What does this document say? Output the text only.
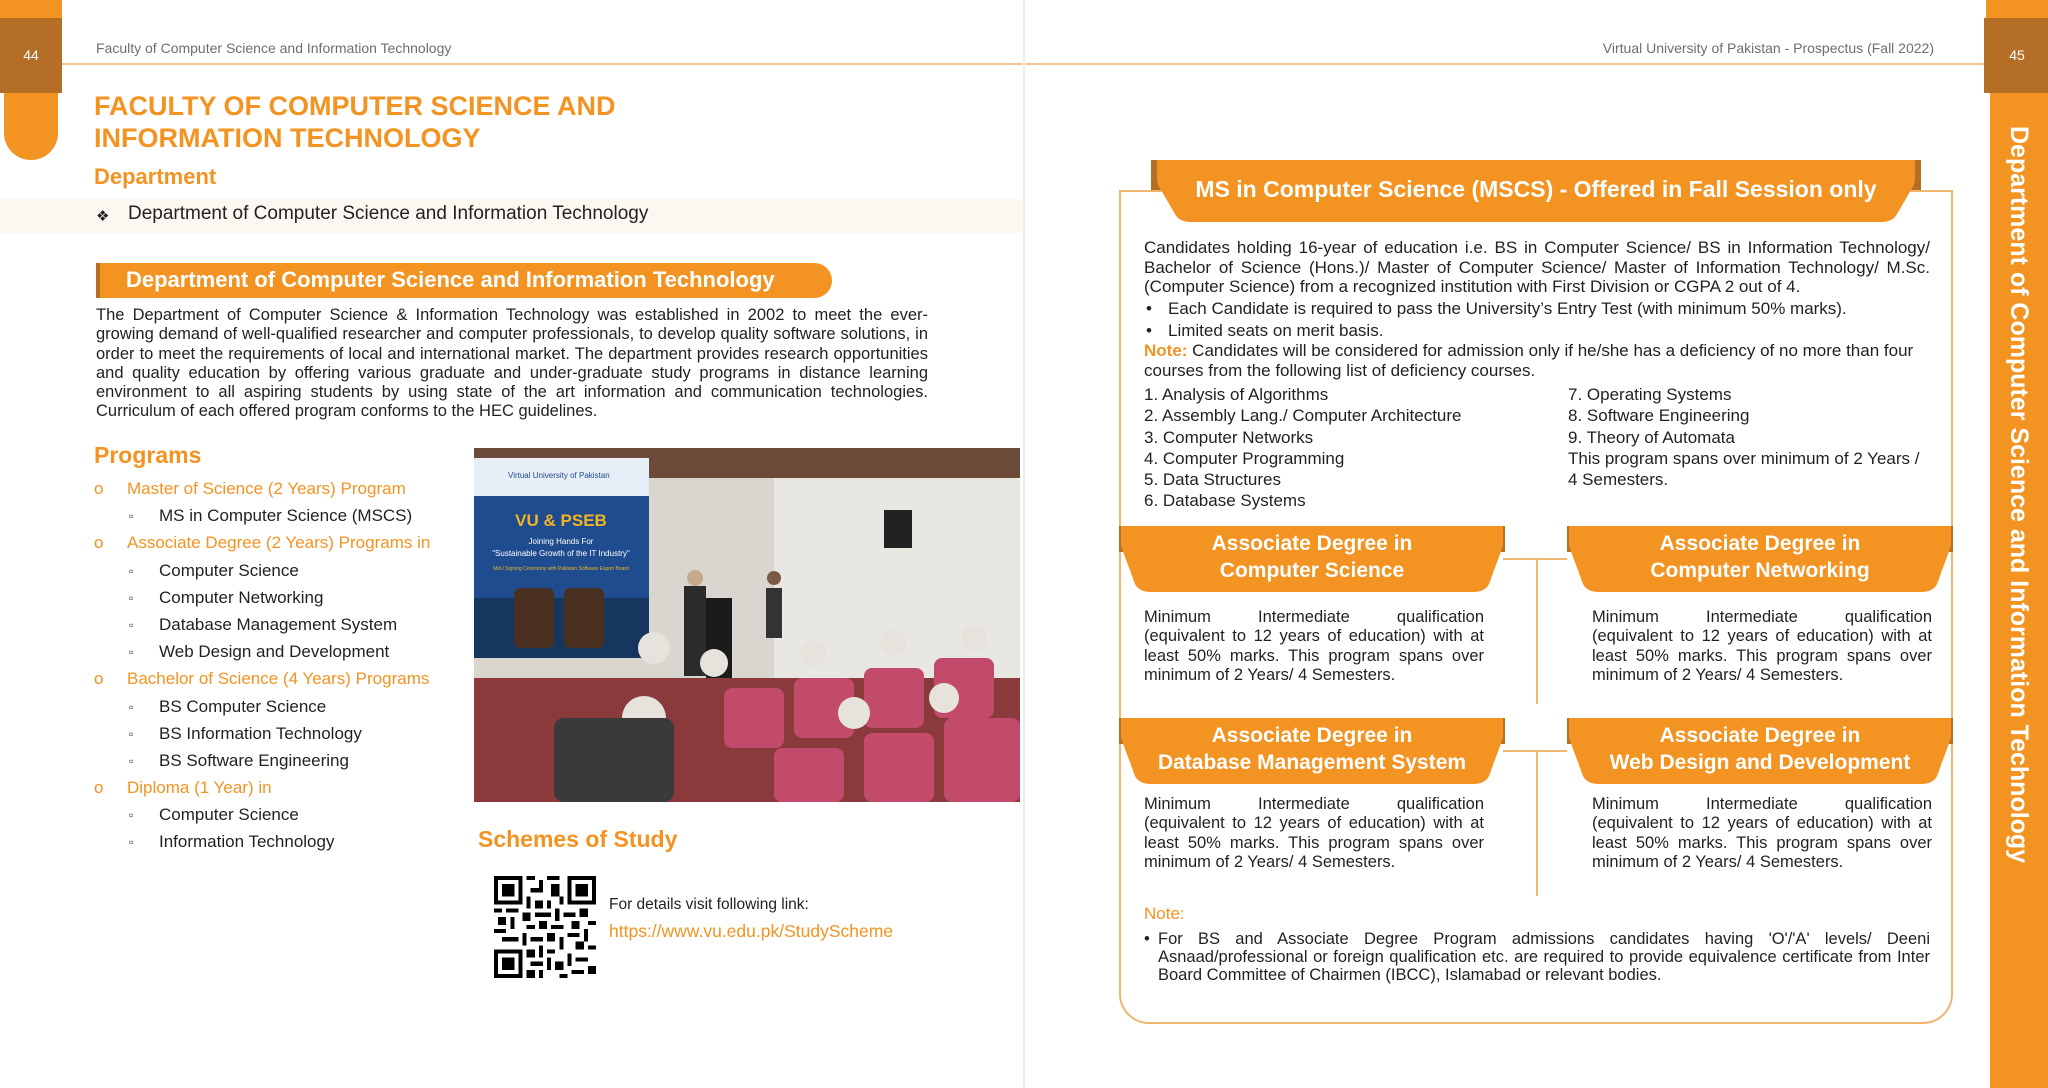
Faculty of Computer Science and Information Technology
44
FACULTY OF COMPUTER SCIENCE AND INFORMATION TECHNOLOGY
Department
❖ Department of Computer Science and Information Technology
Department of Computer Science and Information Technology
The Department of Computer Science & Information Technology was established in 2002 to meet the ever-growing demand of well-qualified researcher and computer professionals, to develop quality software solutions, in order to meet the requirements of local and international market. The department provides research opportunities and quality education by offering various graduate and under-graduate study programs in distance learning environment to all aspiring students by using state of the art information and communication technologies. Curriculum of each offered program conforms to the HEC guidelines.
Programs
o Master of Science (2 Years) Program
▫ MS in Computer Science (MSCS)
o Associate Degree (2 Years) Programs in
▫ Computer Science
▫ Computer Networking
▫ Database Management System
▫ Web Design and Development
o Bachelor of Science (4 Years) Programs
▫ BS Computer Science
▫ BS Information Technology
▫ BS Software Engineering
o Diploma (1 Year) in
▫ Computer Science
▫ Information Technology
Virtual University of Pakistan
VU & PSEB
Joining Hands For
"Sustainable Growth of the IT Industry"
MoU Signing Ceremony with Pakistan Software Export Board
Schemes of Study
For details visit following link:
https://www.vu.edu.pk/StudyScheme
Virtual University of Pakistan - Prospectus (Fall 2022)	45
Department of Computer Science and Information Technology
MS in Computer Science (MSCS) - Offered in Fall Session only
Candidates holding 16-year of education i.e. BS in Computer Science/ BS in Information Technology/ Bachelor of Science (Hons.)/ Master of Computer Science/ Master of Information Technology/ M.Sc. (Computer Science) from a recognized institution with First Division or CGPA 2 out of 4.
• Each Candidate is required to pass the University’s Entry Test (with minimum 50% marks).
• Limited seats on merit basis.
Note: Candidates will be considered for admission only if he/she has a deficiency of no more than four courses from the following list of deficiency courses.
1. Analysis of Algorithms
2. Assembly Lang./ Computer Architecture
3. Computer Networks
4. Computer Programming
5. Data Structures
6. Database Systems
7. Operating Systems
8. Software Engineering
9. Theory of Automata
This program spans over minimum of 2 Years / 4 Semesters.
Associate Degree in
Computer Science
Minimum Intermediate qualification (equivalent to 12 years of education) with at least 50% marks. This program spans over minimum of 2 Years/ 4 Semesters.
Associate Degree in
Computer Networking
Minimum Intermediate qualification (equivalent to 12 years of education) with at least 50% marks. This program spans over minimum of 2 Years/ 4 Semesters.
Associate Degree in
Database Management System
Minimum Intermediate qualification (equivalent to 12 years of education) with at least 50% marks. This program spans over minimum of 2 Years/ 4 Semesters.
Associate Degree in
Web Design and Development
Minimum Intermediate qualification (equivalent to 12 years of education) with at least 50% marks. This program spans over minimum of 2 Years/ 4 Semesters.
Note:
• For BS and Associate Degree Program admissions candidates having 'O'/'A' levels/ Deeni Asnaad/professional or foreign qualification etc. are required to provide equivalence certificate from Inter Board Committee of Chairmen (IBCC), Islamabad or relevant bodies.
